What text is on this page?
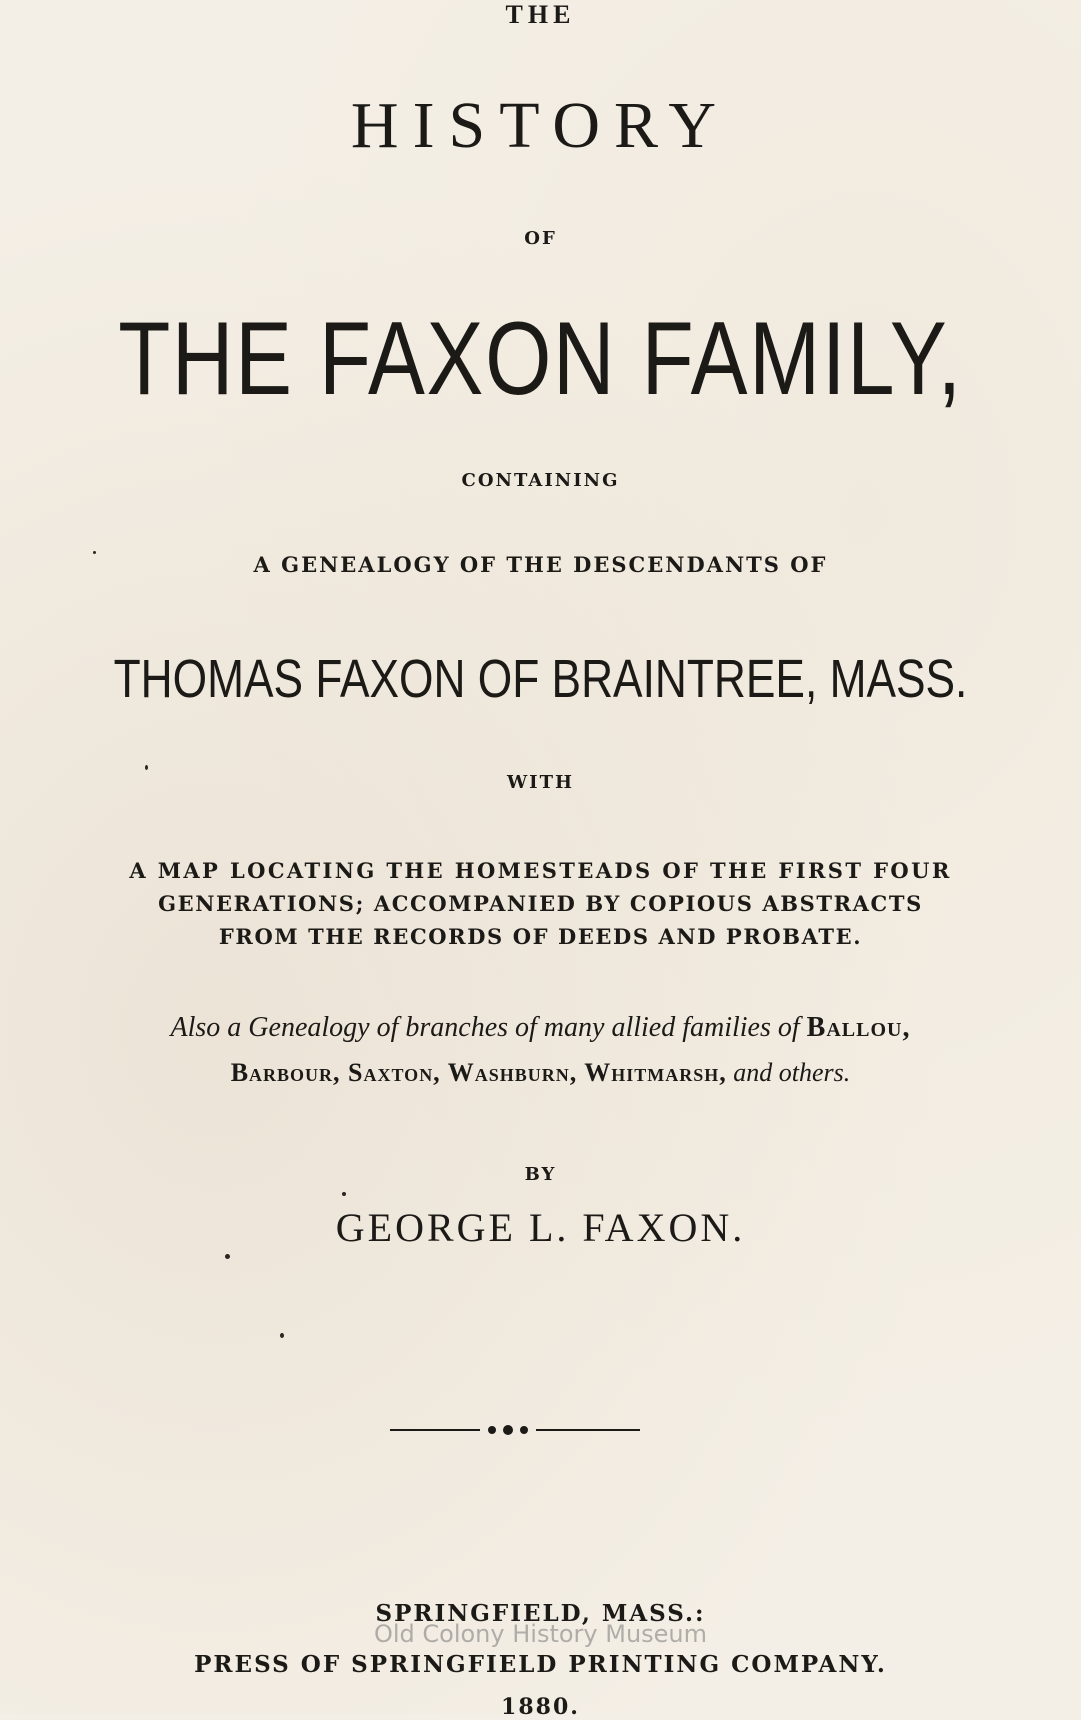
THE
HISTORY
OF
THE FAXON FAMILY,
CONTAINING
A GENEALOGY OF THE DESCENDANTS OF
THOMAS FAXON OF BRAINTREE, MASS.
WITH
A MAP LOCATING THE HOMESTEADS OF THE FIRST FOUR
GENERATIONS; ACCOMPANIED BY COPIOUS ABSTRACTS
FROM THE RECORDS OF DEEDS AND PROBATE.
Also a Genealogy of branches of many allied families of Ballou,
Barbour, Saxton, Washburn, Whitmarsh, and others.
BY
GEORGE L. FAXON.
SPRINGFIELD, MASS.:
PRESS OF SPRINGFIELD PRINTING COMPANY.
1880.
Old Colony History Museum
